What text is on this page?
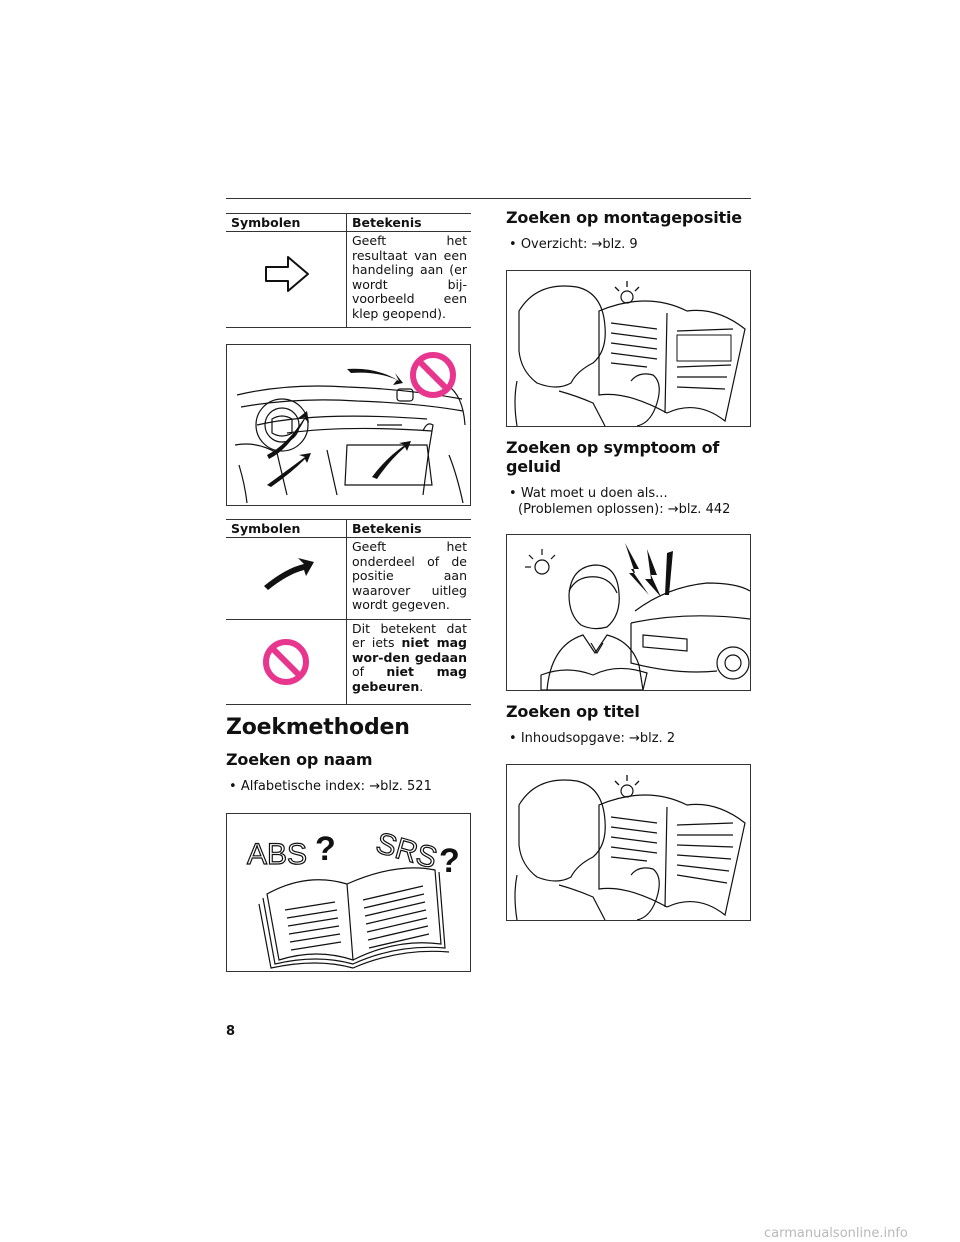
Symbolen	Betekenis

	Geeft het resultaat van een handeling aan (er wordt bij-voorbeeld een klep geopend).
Symbolen	Betekenis

	Geeft het onderdeel of de positie aan waarover uitleg wordt gegeven.

	Dit betekent dat er iets niet mag wor-den gedaan of niet mag gebeuren.
Zoekmethoden
Zoeken op naam
• Alfabetische index: →blz. 521
ABS ? SRS
?
Zoeken op montagepositie
• Overzicht: →blz. 9
Zoeken op symptoom of geluid
• Wat moet u doen als... (Problemen oplossen): →blz. 442
Zoeken op titel
• Inhoudsopgave: →blz. 2
8
carmanualsonline.info
